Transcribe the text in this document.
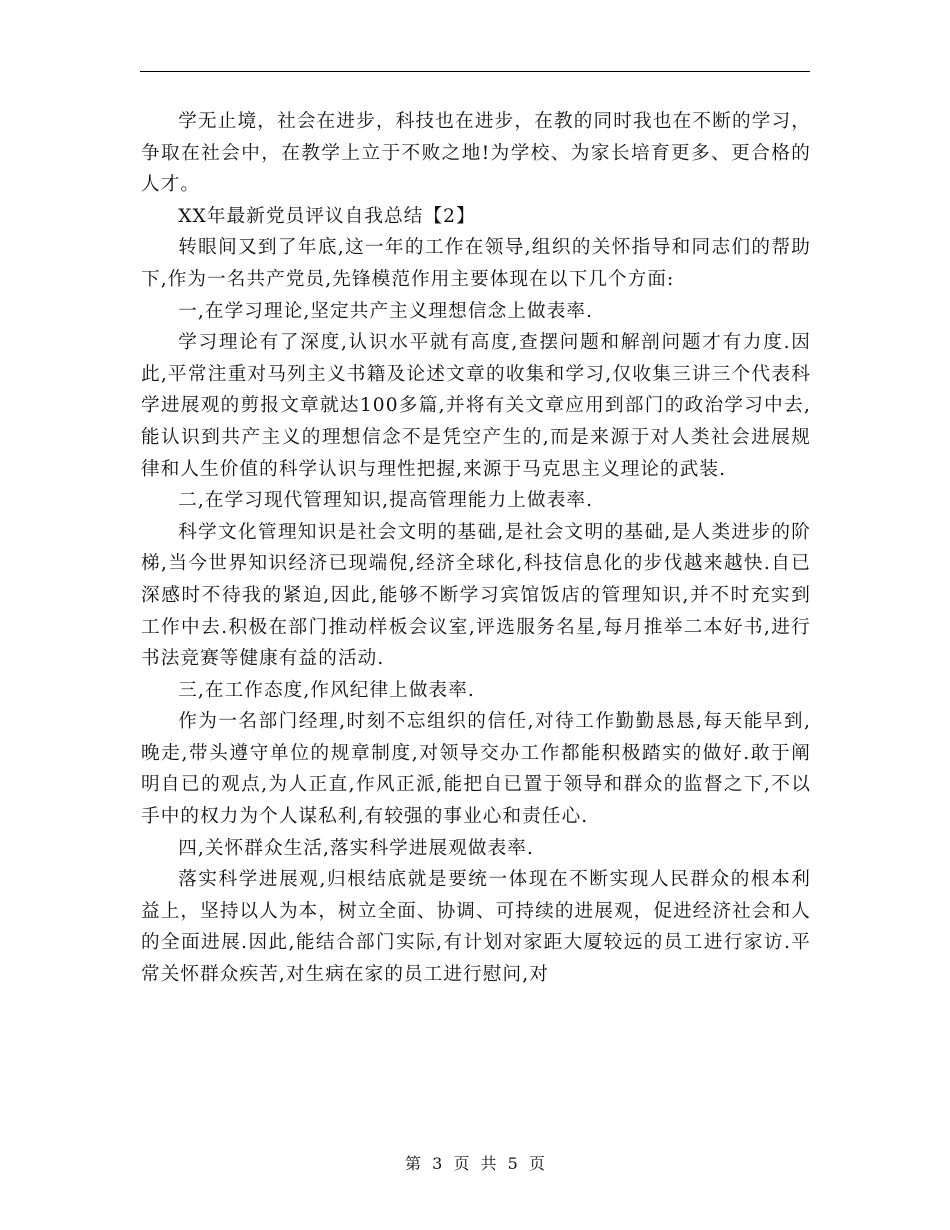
学无止境，社会在进步，科技也在进步，在教的同时我也在不断的学习，争取在社会中，在教学上立于不败之地!为学校、为家长培育更多、更合格的人才。

XX年最新党员评议自我总结【2】

转眼间又到了年底,这一年的工作在领导,组织的关怀指导和同志们的帮助下,作为一名共产党员,先锋模范作用主要体现在以下几个方面:

一,在学习理论,坚定共产主义理想信念上做表率.

学习理论有了深度,认识水平就有高度,查摆问题和解剖问题才有力度.因此,平常注重对马列主义书籍及论述文章的收集和学习,仅收集三讲三个代表科学进展观的剪报文章就达100多篇,并将有关文章应用到部门的政治学习中去,能认识到共产主义的理想信念不是凭空产生的,而是来源于对人类社会进展规律和人生价值的科学认识与理性把握,来源于马克思主义理论的武装.

二,在学习现代管理知识,提高管理能力上做表率.

科学文化管理知识是社会文明的基础,是社会文明的基础,是人类进步的阶梯,当今世界知识经济已现端倪,经济全球化,科技信息化的步伐越来越快.自已深感时不待我的紧迫,因此,能够不断学习宾馆饭店的管理知识,并不时充实到工作中去.积极在部门推动样板会议室,评选服务名星,每月推举二本好书,进行书法竞赛等健康有益的活动.

三,在工作态度,作风纪律上做表率.

作为一名部门经理,时刻不忘组织的信任,对待工作勤勤恳恳,每天能早到,晚走,带头遵守单位的规章制度,对领导交办工作都能积极踏实的做好.敢于阐明自已的观点,为人正直,作风正派,能把自已置于领导和群众的监督之下,不以手中的权力为个人谋私利,有较强的事业心和责任心.

四,关怀群众生活,落实科学进展观做表率.

落实科学进展观,归根结底就是要统一体现在不断实现人民群众的根本利益上，坚持以人为本，树立全面、协调、可持续的进展观，促进经济社会和人的全面进展.因此,能结合部门实际,有计划对家距大厦较远的员工进行家访.平常关怀群众疾苦,对生病在家的员工进行慰问,对

第 3 页 共 5 页
